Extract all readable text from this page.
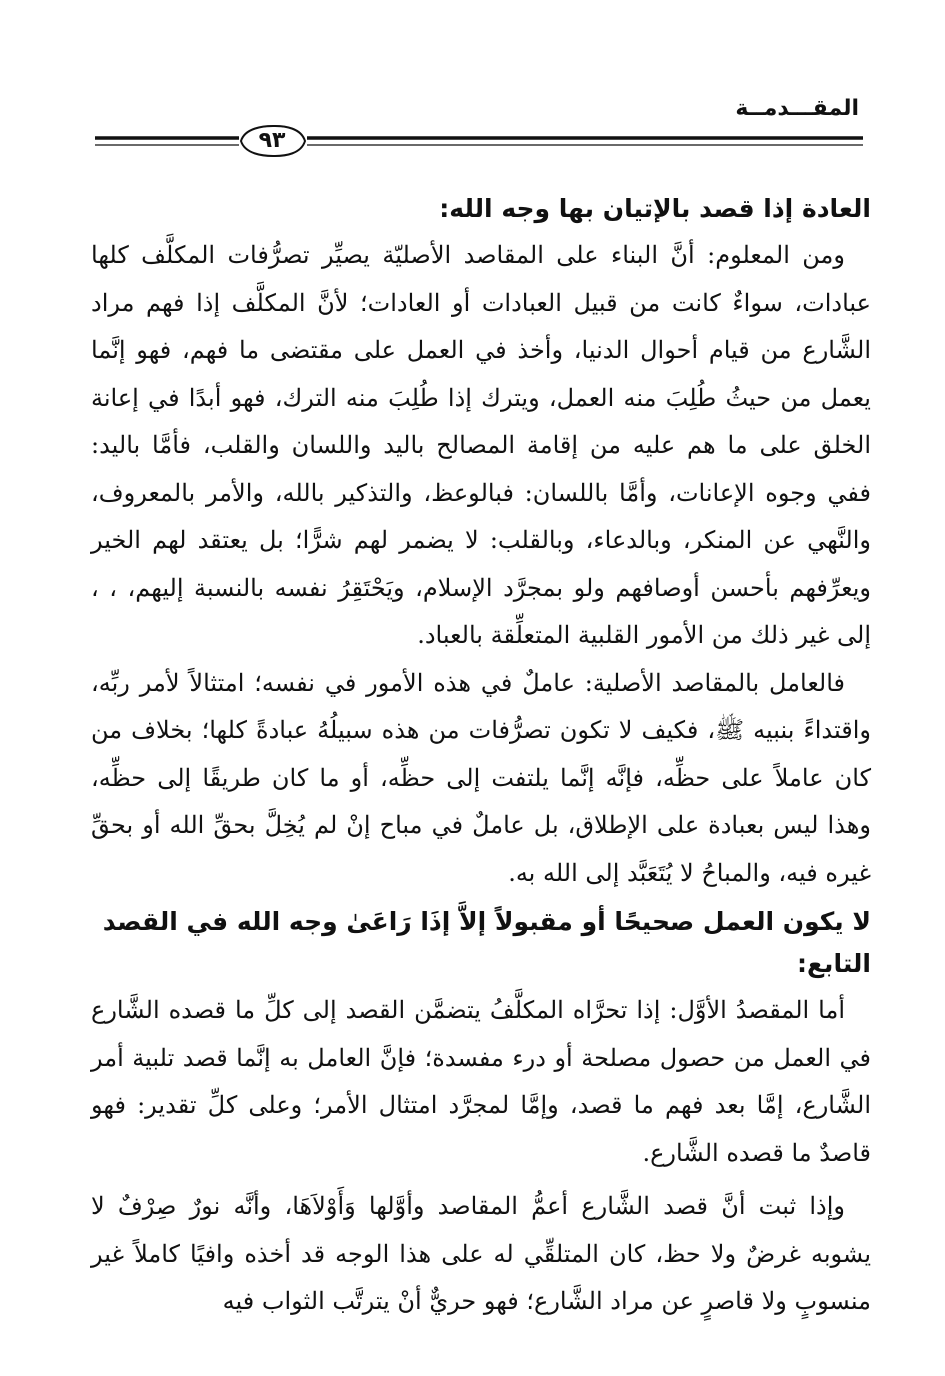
المقـــدمــة
٩٣
العادة إذا قصد بالإتيان بها وجه الله:

ومن المعلوم: أنَّ البناء على المقاصد الأصليّة يصيِّر تصرُّفات المكلَّف كلها عبادات، سواءٌ كانت من قبيل العبادات أو العادات؛ لأنَّ المكلَّف إذا فهم مراد الشَّارع من قيام أحوال الدنيا، وأخذ في العمل على مقتضى ما فهم، فهو إنَّما يعمل من حيثُ طُلِبَ منه العمل، ويترك إذا طُلِبَ منه الترك، فهو أبدًا في إعانة الخلق على ما هم عليه من إقامة المصالح باليد واللسان والقلب، فأمَّا باليد: ففي وجوه الإعانات، وأمَّا باللسان: فبالوعظ، والتذكير بالله، والأمر بالمعروف، والنَّهي عن المنكر، وبالدعاء، وبالقلب: لا يضمر لهم شرًّا؛ بل يعتقد لهم الخير ويعرِّفهم بأحسن أوصافهم ولو بمجرَّد الإسلام، ويَحْتَقِرُ نفسه بالنسبة إليهم، ، ، إلى غير ذلك من الأمور القلبية المتعلِّقة بالعباد.

فالعامل بالمقاصد الأصلية: عاملٌ في هذه الأمور في نفسه؛ امتثالاً لأمر ربِّه، واقتداءً بنبيه ﷺ، فكيف لا تكون تصرُّفات من هذه سبيلُهُ عبادةً كلها؛ بخلاف من كان عاملاً على حظِّه، فإنَّه إنَّما يلتفت إلى حظِّه، أو ما كان طريقًا إلى حظِّه، وهذا ليس بعبادة على الإطلاق، بل عاملٌ في مباح إنْ لم يُخِلَّ بحقِّ الله أو بحقِّ غيره فيه، والمباحُ لا يُتَعَبَّد إلى الله به.

لا يكون العمل صحيحًا أو مقبولاً إلاَّ إذَا رَاعَىٰ وجه الله في القصد التابع:

أما المقصدُ الأوَّل: إذا تحرَّاه المكلَّفُ يتضمَّن القصد إلى كلِّ ما قصده الشَّارع في العمل من حصول مصلحة أو درء مفسدة؛ فإنَّ العامل به إنَّما قصد تلبية أمر الشَّارع، إمَّا بعد فهم ما قصد، وإمَّا لمجرَّد امتثال الأمر؛ وعلى كلِّ تقدير: فهو قاصدٌ ما قصده الشَّارع.

وإذا ثبت أنَّ قصد الشَّارع أعمُّ المقاصد وأوَّلها وَأَوْلاَهَا، وأنَّه نورٌ صِرْفٌ لا يشوبه غرضٌ ولا حظ، كان المتلقِّي له على هذا الوجه قد أخذه وافيًا كاملاً غير منسوبٍ ولا قاصرٍ عن مراد الشَّارع؛ فهو حريٌّ أنْ يترتَّب الثواب فيه
